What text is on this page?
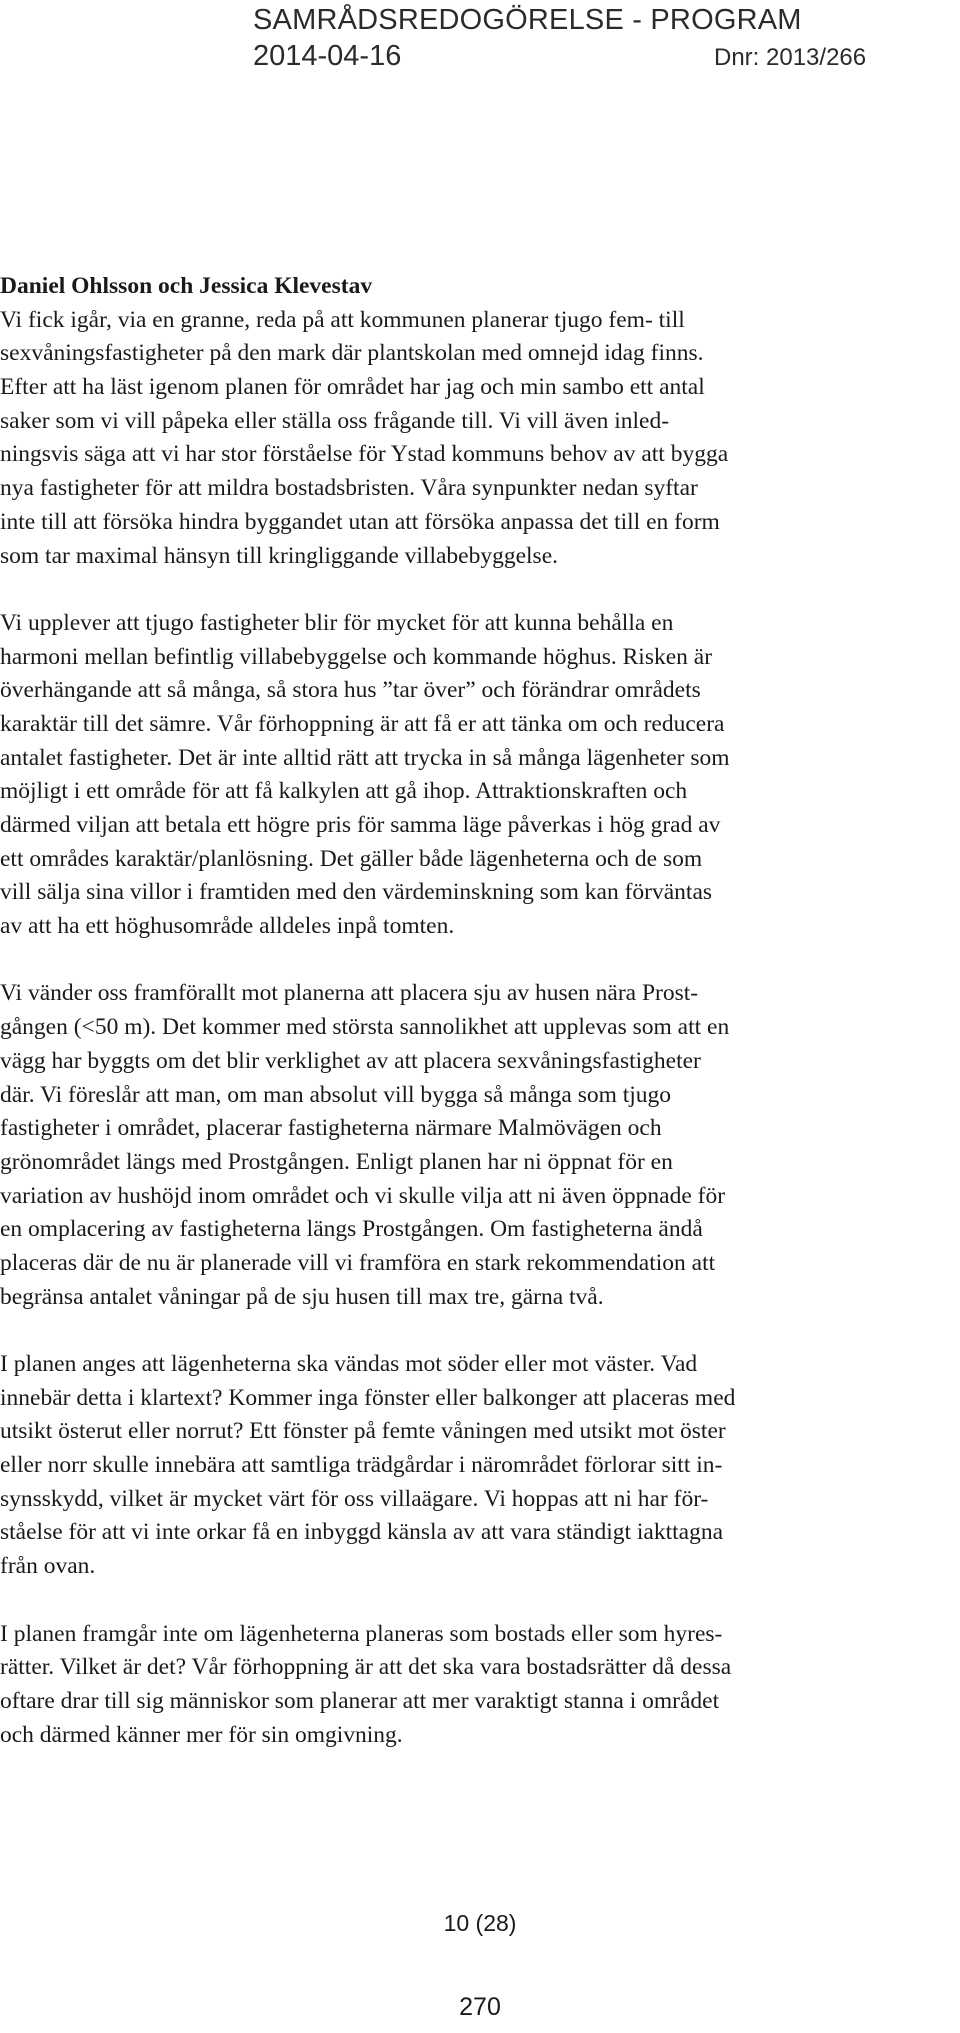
SAMRÅDSREDOGÖRELSE - PROGRAM
2014-04-16	Dnr: 2013/266
Daniel Ohlsson och Jessica Klevestav
Vi fick igår, via en granne, reda på att kommunen planerar tjugo fem- till
sexvåningsfastigheter på den mark där plantskolan med omnejd idag finns.
Efter att ha läst igenom planen för området har jag och min sambo ett antal
saker som vi vill påpeka eller ställa oss frågande till. Vi vill även inled-
ningsvis säga att vi har stor förståelse för Ystad kommuns behov av att bygga
nya fastigheter för att mildra bostadsbristen. Våra synpunkter nedan syftar
inte till att försöka hindra byggandet utan att försöka anpassa det till en form
som tar maximal hänsyn till kringliggande villabebyggelse.
Vi upplever att tjugo fastigheter blir för mycket för att kunna behålla en
harmoni mellan befintlig villabebyggelse och kommande höghus. Risken är
överhängande att så många, så stora hus ”tar över” och förändrar områdets
karaktär till det sämre. Vår förhoppning är att få er att tänka om och reducera
antalet fastigheter. Det är inte alltid rätt att trycka in så många lägenheter som
möjligt i ett område för att få kalkylen att gå ihop. Attraktionskraften och
därmed viljan att betala ett högre pris för samma läge påverkas i hög grad av
ett områdes karaktär/planlösning. Det gäller både lägenheterna och de som
vill sälja sina villor i framtiden med den värdeminskning som kan förväntas
av att ha ett höghusområde alldeles inpå tomten.
Vi vänder oss framförallt mot planerna att placera sju av husen nära Prost-
gången (<50 m). Det kommer med största sannolikhet att upplevas som att en
vägg har byggts om det blir verklighet av att placera sexvåningsfastigheter
där. Vi föreslår att man, om man absolut vill bygga så många som tjugo
fastigheter i området, placerar fastigheterna närmare Malmövägen och
grönområdet längs med Prostgången. Enligt planen har ni öppnat för en
variation av hushöjd inom området och vi skulle vilja att ni även öppnade för
en omplacering av fastigheterna längs Prostgången. Om fastigheterna ändå
placeras där de nu är planerade vill vi framföra en stark rekommendation att
begränsa antalet våningar på de sju husen till max tre, gärna två.
I planen anges att lägenheterna ska vändas mot söder eller mot väster. Vad
innebär detta i klartext? Kommer inga fönster eller balkonger att placeras med
utsikt österut eller norrut? Ett fönster på femte våningen med utsikt mot öster
eller norr skulle innebära att samtliga trädgårdar i närområdet förlorar sitt in-
synsskydd, vilket är mycket värt för oss villaägare. Vi hoppas att ni har för-
ståelse för att vi inte orkar få en inbyggd känsla av att vara ständigt iakttagna
från ovan.
I planen framgår inte om lägenheterna planeras som bostads eller som hyres-
rätter. Vilket är det? Vår förhoppning är att det ska vara bostadsrätter då dessa
oftare drar till sig människor som planerar att mer varaktigt stanna i området
och därmed känner mer för sin omgivning.
10 (28)
270
